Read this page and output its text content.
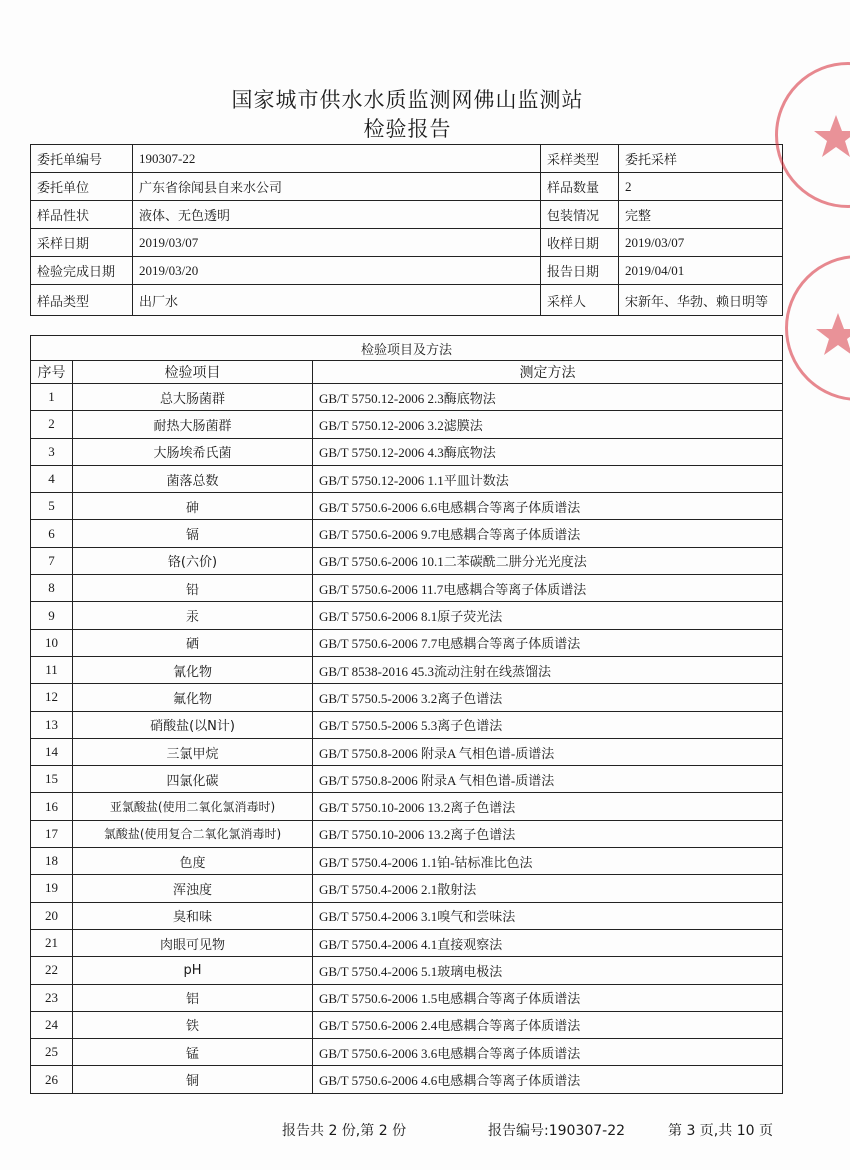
国家城市供水水质监测网佛山监测站
检验报告
委托单编号	190307-22	采样类型	委托采样
委托单位	广东省徐闻县自来水公司	样品数量	2
样品性状	液体、无色透明	包装情况	完整
采样日期	2019/03/07	收样日期	2019/03/07
检验完成日期	2019/03/20	报告日期	2019/04/01
样品类型	出厂水	采样人	宋新年、华勃、赖日明等
检验项目及方法		
序号	检验项目	测定方法
1	总大肠菌群	GB/T 5750.12-2006 2.3酶底物法
2	耐热大肠菌群	GB/T 5750.12-2006 3.2滤膜法
3	大肠埃希氏菌	GB/T 5750.12-2006 4.3酶底物法
4	菌落总数	GB/T 5750.12-2006 1.1平皿计数法
5	砷	GB/T 5750.6-2006 6.6电感耦合等离子体质谱法
6	镉	GB/T 5750.6-2006 9.7电感耦合等离子体质谱法
7	铬(六价)	GB/T 5750.6-2006 10.1二苯碳酰二肼分光光度法
8	铅	GB/T 5750.6-2006 11.7电感耦合等离子体质谱法
9	汞	GB/T 5750.6-2006 8.1原子荧光法
10	硒	GB/T 5750.6-2006 7.7电感耦合等离子体质谱法
11	氰化物	GB/T 8538-2016 45.3流动注射在线蒸馏法
12	氟化物	GB/T 5750.5-2006 3.2离子色谱法
13	硝酸盐(以N计)	GB/T 5750.5-2006 5.3离子色谱法
14	三氯甲烷	GB/T 5750.8-2006 附录A 气相色谱-质谱法
15	四氯化碳	GB/T 5750.8-2006 附录A 气相色谱-质谱法
16	亚氯酸盐(使用二氧化氯消毒时)	GB/T 5750.10-2006 13.2离子色谱法
17	氯酸盐(使用复合二氧化氯消毒时)	GB/T 5750.10-2006 13.2离子色谱法
18	色度	GB/T 5750.4-2006 1.1铂-钴标准比色法
19	浑浊度	GB/T 5750.4-2006 2.1散射法
20	臭和味	GB/T 5750.4-2006 3.1嗅气和尝味法
21	肉眼可见物	GB/T 5750.4-2006 4.1直接观察法
22	pH	GB/T 5750.4-2006 5.1玻璃电极法
23	铝	GB/T 5750.6-2006 1.5电感耦合等离子体质谱法
24	铁	GB/T 5750.6-2006 2.4电感耦合等离子体质谱法
25	锰	GB/T 5750.6-2006 3.6电感耦合等离子体质谱法
26	铜	GB/T 5750.6-2006 4.6电感耦合等离子体质谱法
报告共 2 份,第 2 份	报告编号:190307-22	第 3 页,共 10 页
